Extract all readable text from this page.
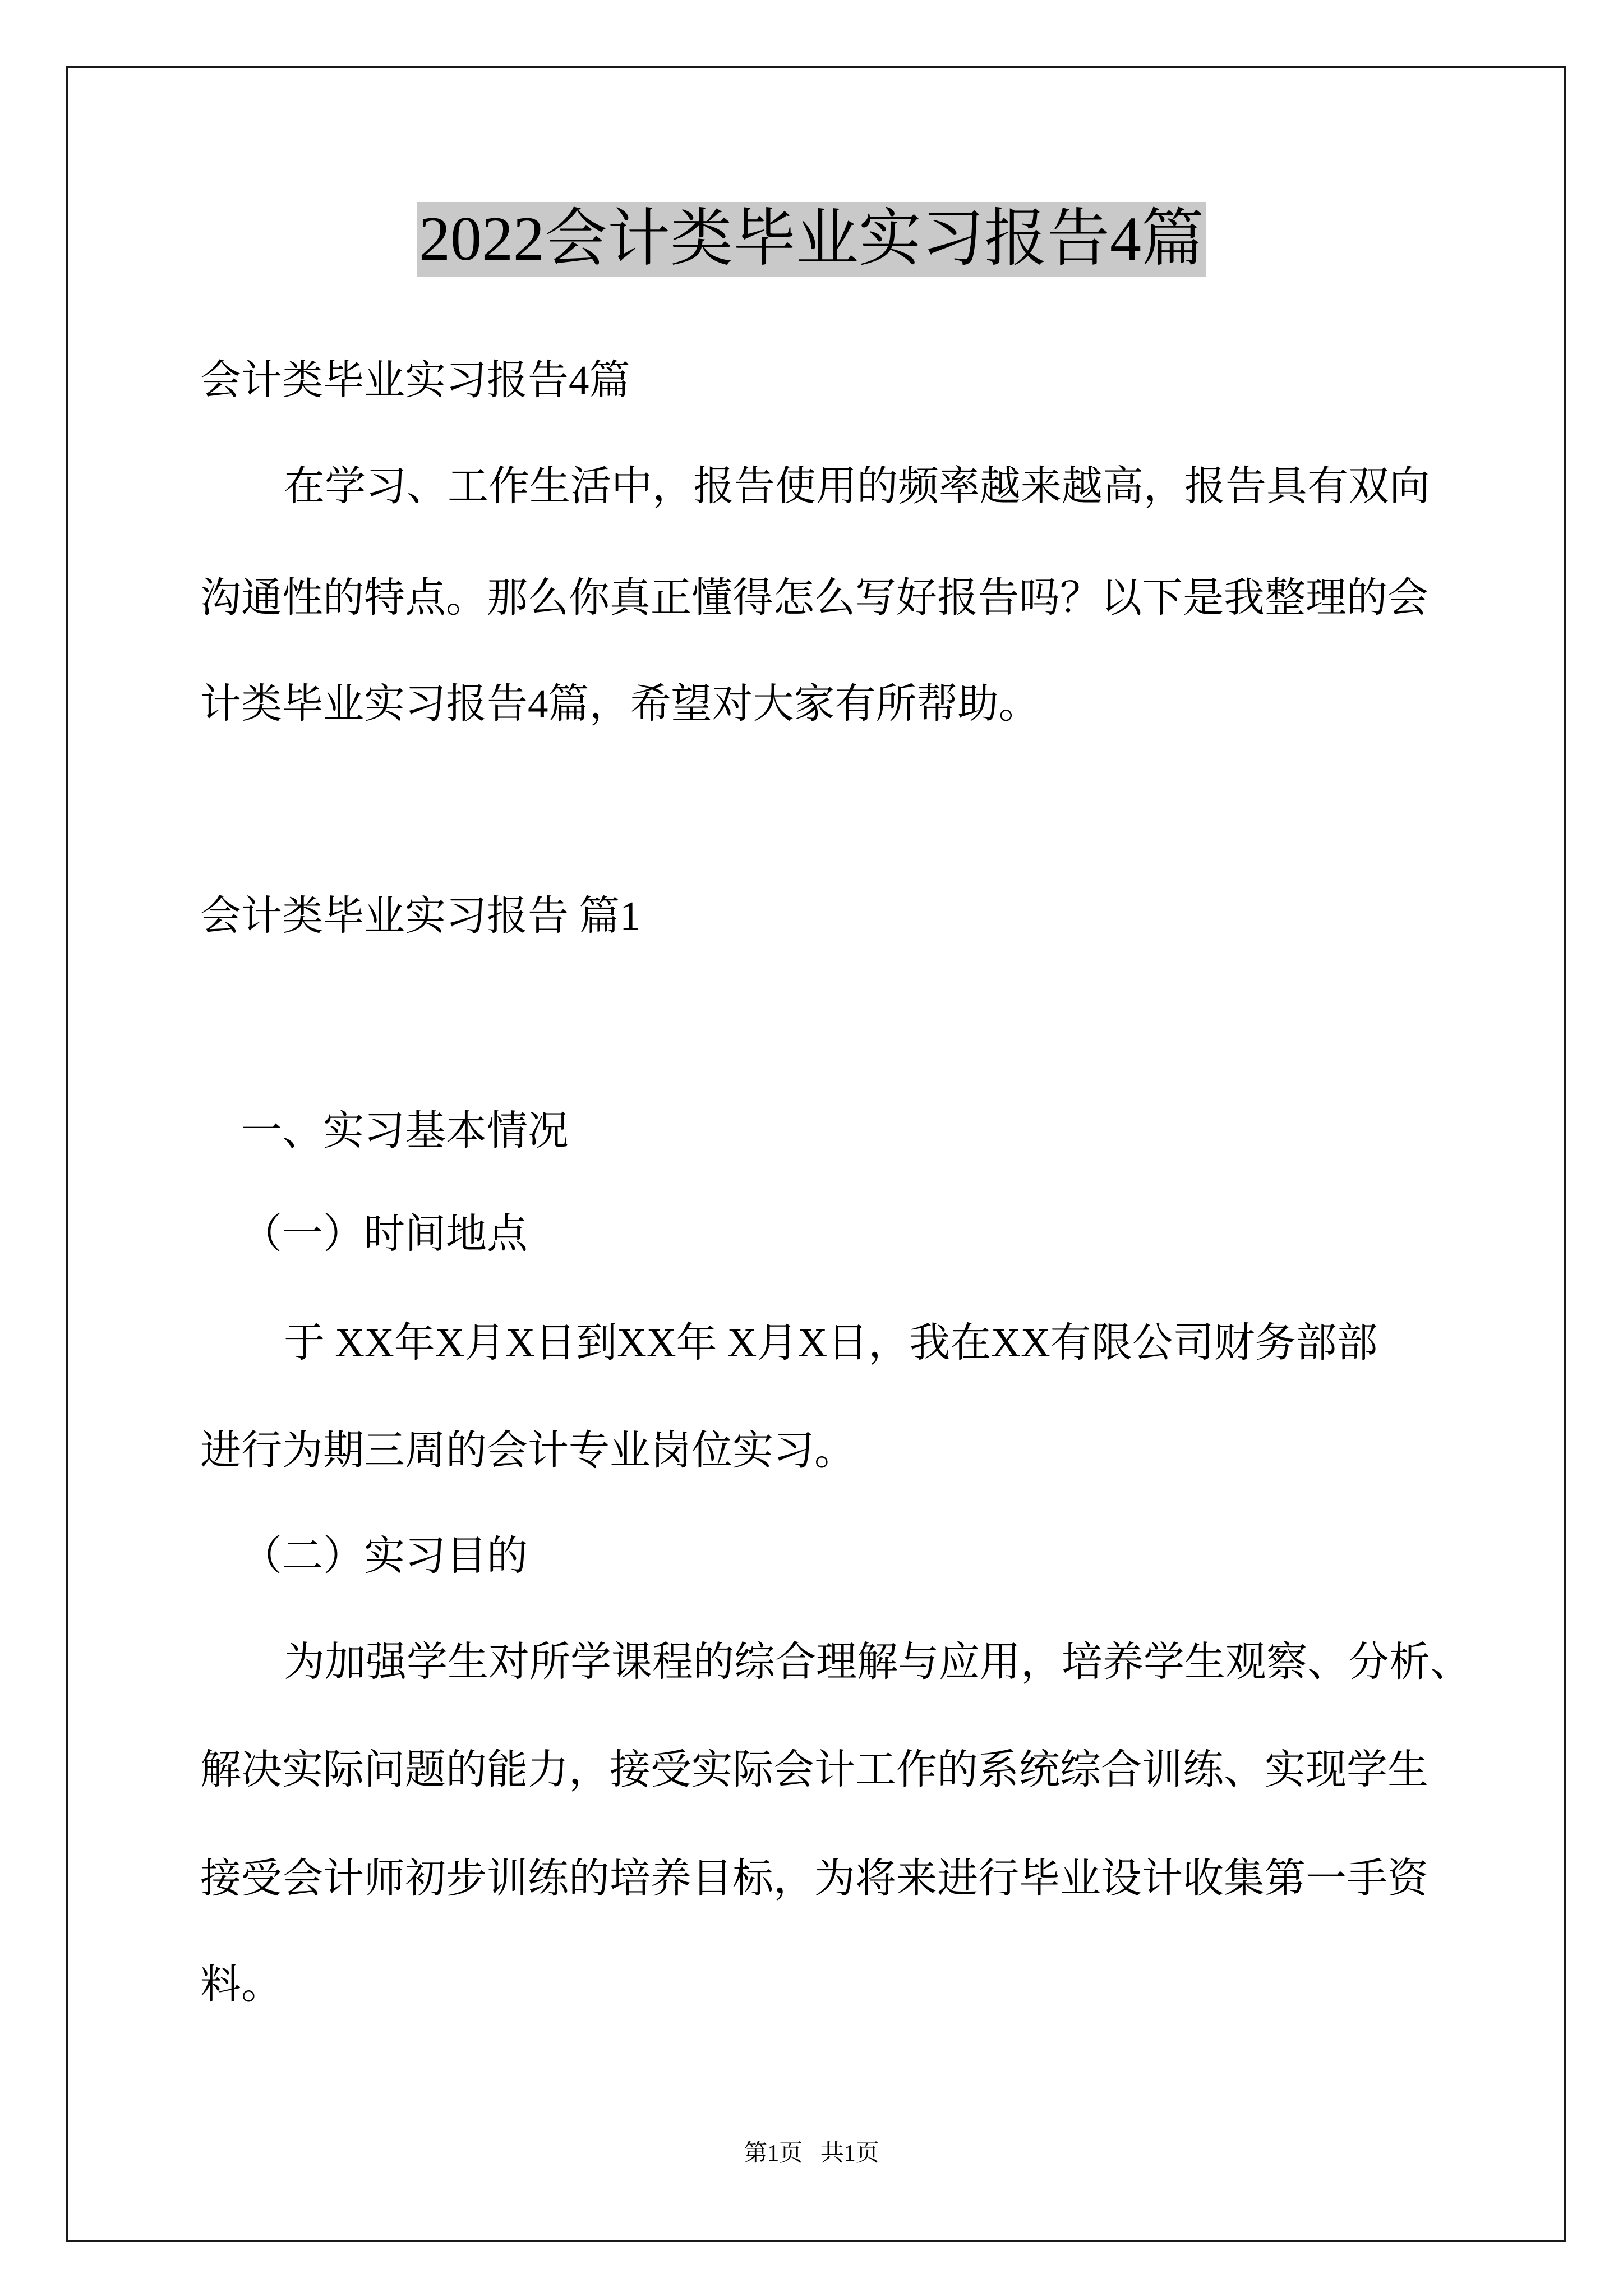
2022会计类毕业实习报告4篇
会计类毕业实习报告4篇
在学习、工作生活中，报告使用的频率越来越高，报告具有双向
沟通性的特点。那么你真正懂得怎么写好报告吗？以下是我整理的会
计类毕业实习报告4篇，希望对大家有所帮助。
会计类毕业实习报告 篇1
一、实习基本情况
（一）时间地点
于 XX年X月X日到XX年 X月X日，我在XX有限公司财务部部
进行为期三周的会计专业岗位实习。
（二）实习目的
为加强学生对所学课程的综合理解与应用，培养学生观察、分析、
解决实际问题的能力，接受实际会计工作的系统综合训练、实现学生
接受会计师初步训练的培养目标，为将来进行毕业设计收集第一手资
料。
第1页   共1页
